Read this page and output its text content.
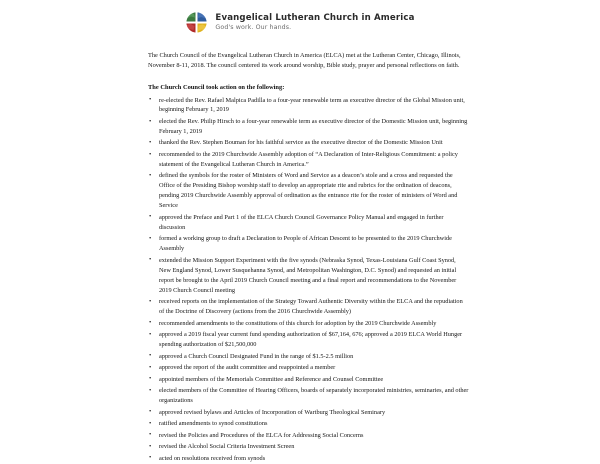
Evangelical Lutheran Church in America
God's work. Our hands.

The Church Council of the Evangelical Lutheran Church in America (ELCA) met at the Lutheran Center, Chicago, Illinois, November 8-11, 2018. The council centered its work around worship, Bible study, prayer and personal reflections on faith.

The Church Council took action on the following:

• re-elected the Rev. Rafael Malpica Padilla to a four-year renewable term as executive director of the Global Mission unit, beginning February 1, 2019
• elected the Rev. Philip Hirsch to a four-year renewable term as executive director of the Domestic Mission unit, beginning February 1, 2019
• thanked the Rev. Stephen Bouman for his faithful service as the executive director of the Domestic Mission Unit
• recommended to the 2019 Churchwide Assembly adoption of “A Declaration of Inter-Religious Commitment: a policy statement of the Evangelical Lutheran Church in America.”
• defined the symbols for the roster of Ministers of Word and Service as a deacon’s stole and a cross and requested the Office of the Presiding Bishop worship staff to develop an appropriate rite and rubrics for the ordination of deacons, pending 2019 Churchwide Assembly approval of ordination as the entrance rite for the roster of ministers of Word and Service
• approved the Preface and Part 1 of the ELCA Church Council Governance Policy Manual and engaged in further discussion
• formed a working group to draft a Declaration to People of African Descent to be presented to the 2019 Churchwide Assembly
• extended the Mission Support Experiment with the five synods (Nebraska Synod, Texas-Louisiana Gulf Coast Synod, New England Synod, Lower Susquehanna Synod, and Metropolitan Washington, D.C. Synod) and requested an initial report be brought to the April 2019 Church Council meeting and a final report and recommendations to the November 2019 Church Council meeting
• received reports on the implementation of the Strategy Toward Authentic Diversity within the ELCA and the repudiation of the Doctrine of Discovery (actions from the 2016 Churchwide Assembly)
• recommended amendments to the constitutions of this church for adoption by the 2019 Churchwide Assembly
• approved a 2019 fiscal year current fund spending authorization of $67,164, 676; approved a 2019 ELCA World Hunger spending authorization of $21,500,000
• approved a Church Council Designated Fund in the range of $1.5-2.5 million
• approved the report of the audit committee and reappointed a member
• appointed members of the Memorials Committee and Reference and Counsel Committee
• elected members of the Committee of Hearing Officers, boards of separately incorporated ministries, seminaries, and other organizations
• approved revised bylaws and Articles of Incorporation of Wartburg Theological Seminary
• ratified amendments to synod constitutions
• revised the Policies and Procedures of the ELCA for Addressing Social Concerns
• revised the Alcohol Social Criteria Investment Screen
• acted on resolutions received from synods
